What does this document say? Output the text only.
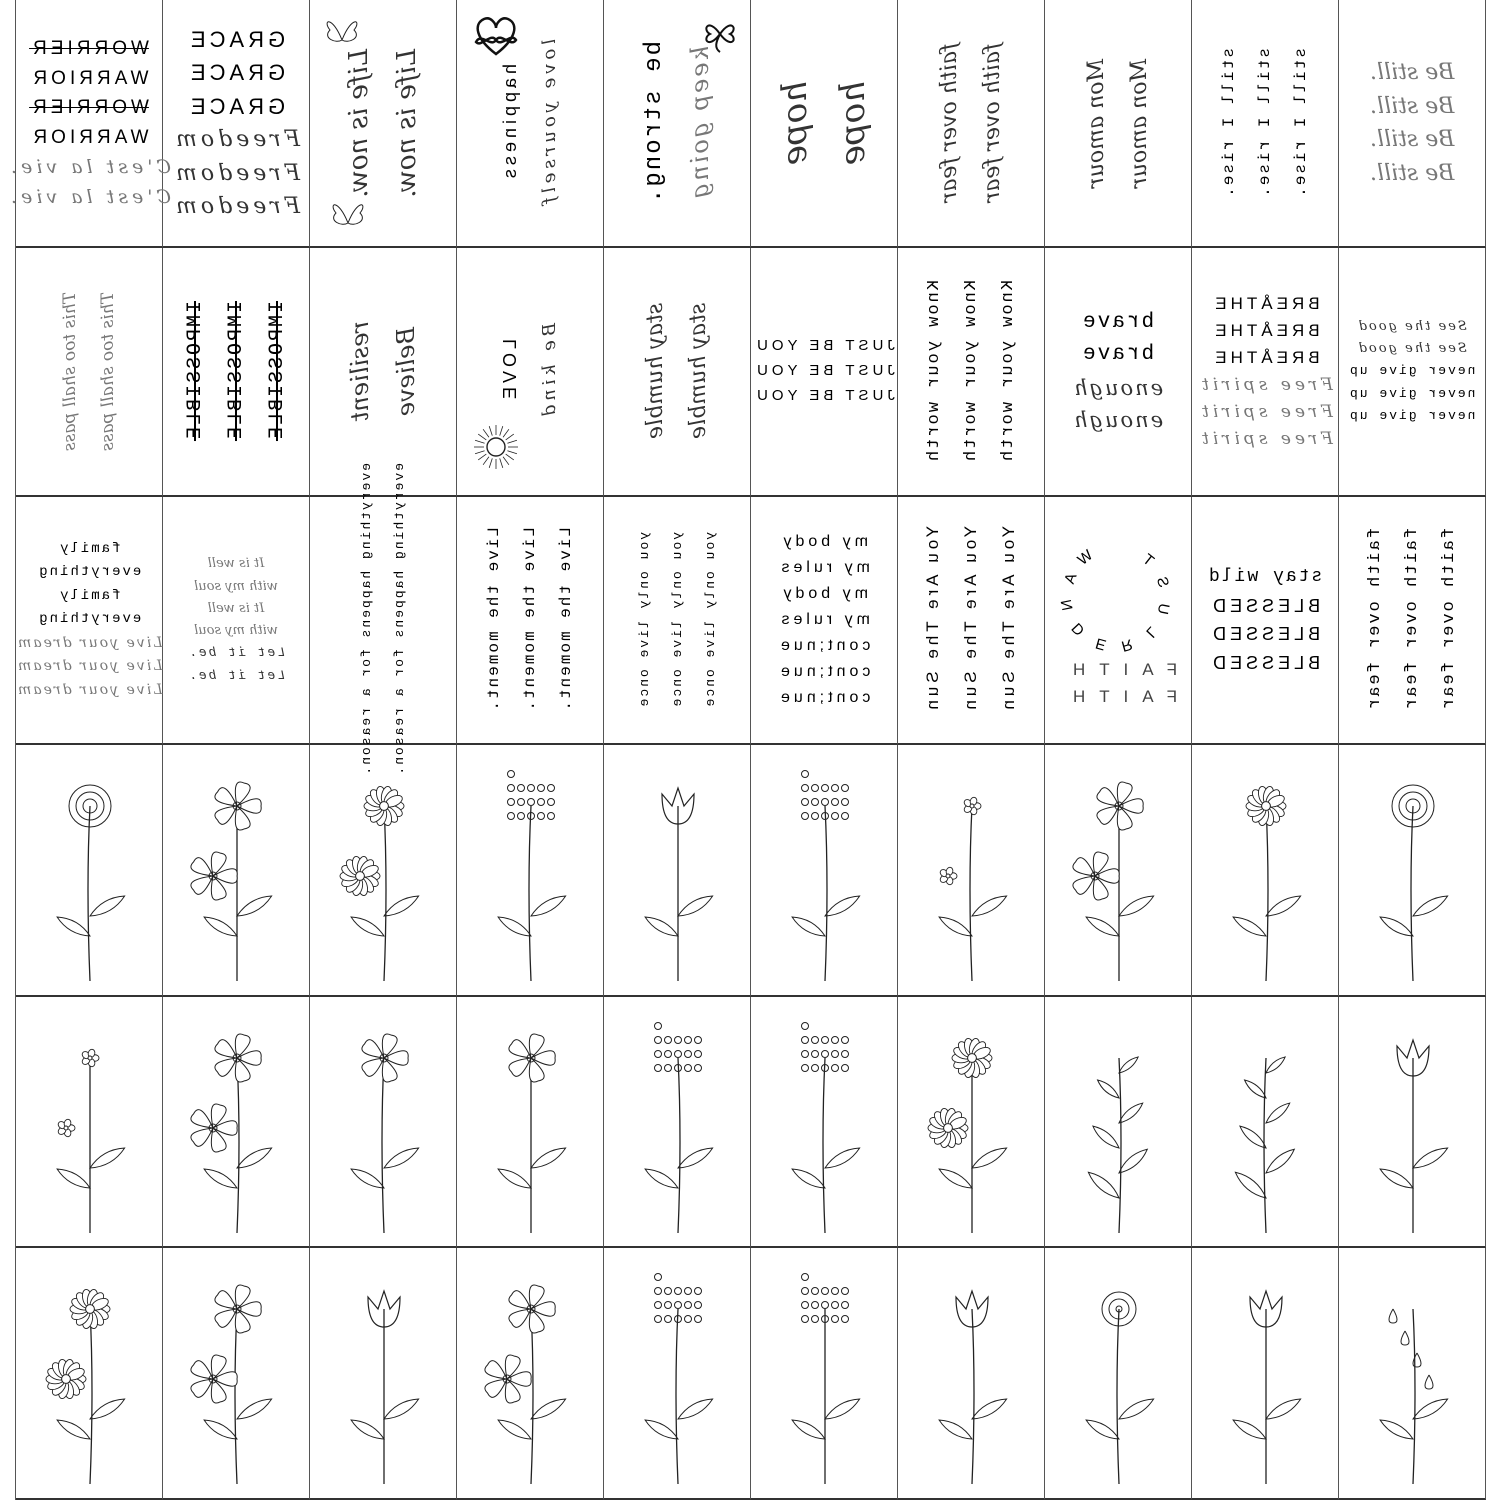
WORRIER
WARRIOR
WORRIER
WARRIOR
C'est la vie.
C'est la vie.
GRACE
GRACE
GRACE
Freedom
Freedom
Freedom
Life is now. Life is now.	happiness love yourself	be strong. keep going hope hope	faith over fear faith over fear	Mon amour Mon amour	still I rise. still I rise. still I rise.	Be still.
Be still.
Be still.
Be still.
This too shall pass This too shall pass	IMPOSSIBLE IMPOSSIBLE IMPOSSIBLE resilient Believe	LOVE Be kind	stay humble stay humble	JUST BE YOU
JUST BE YOU
JUST BE YOU Know your worth Know your worth Know your worth	brave
brave
enough
enough
BREÅTHE
BREÅTHE
BREÅTHE
Free spirit
Free spirit
Free spirit
See the good
See the good
never give up
never give up
never give up
family
everything
family
everything
Live your dream
Live your dream
Live your dream
It is well
with my soul
It is well
with my soul
Let it be.
Let it be.	everything happens for a reason. everything happens for a reason.	Live the moment. Live the moment. Live the moment.	you only live once you only live once you only live once	my body
my rules
my body
my rules
cont;nue
cont;nue
cont;nue	You Are The Sun You Are The Sun You Are The Sun	W
A
N
D
E R
L
U
S
T
FAITH
FAITH
stay wild
BLESSED
BLESSED
BLESSED	faith over fear faith over fear faith over fear
